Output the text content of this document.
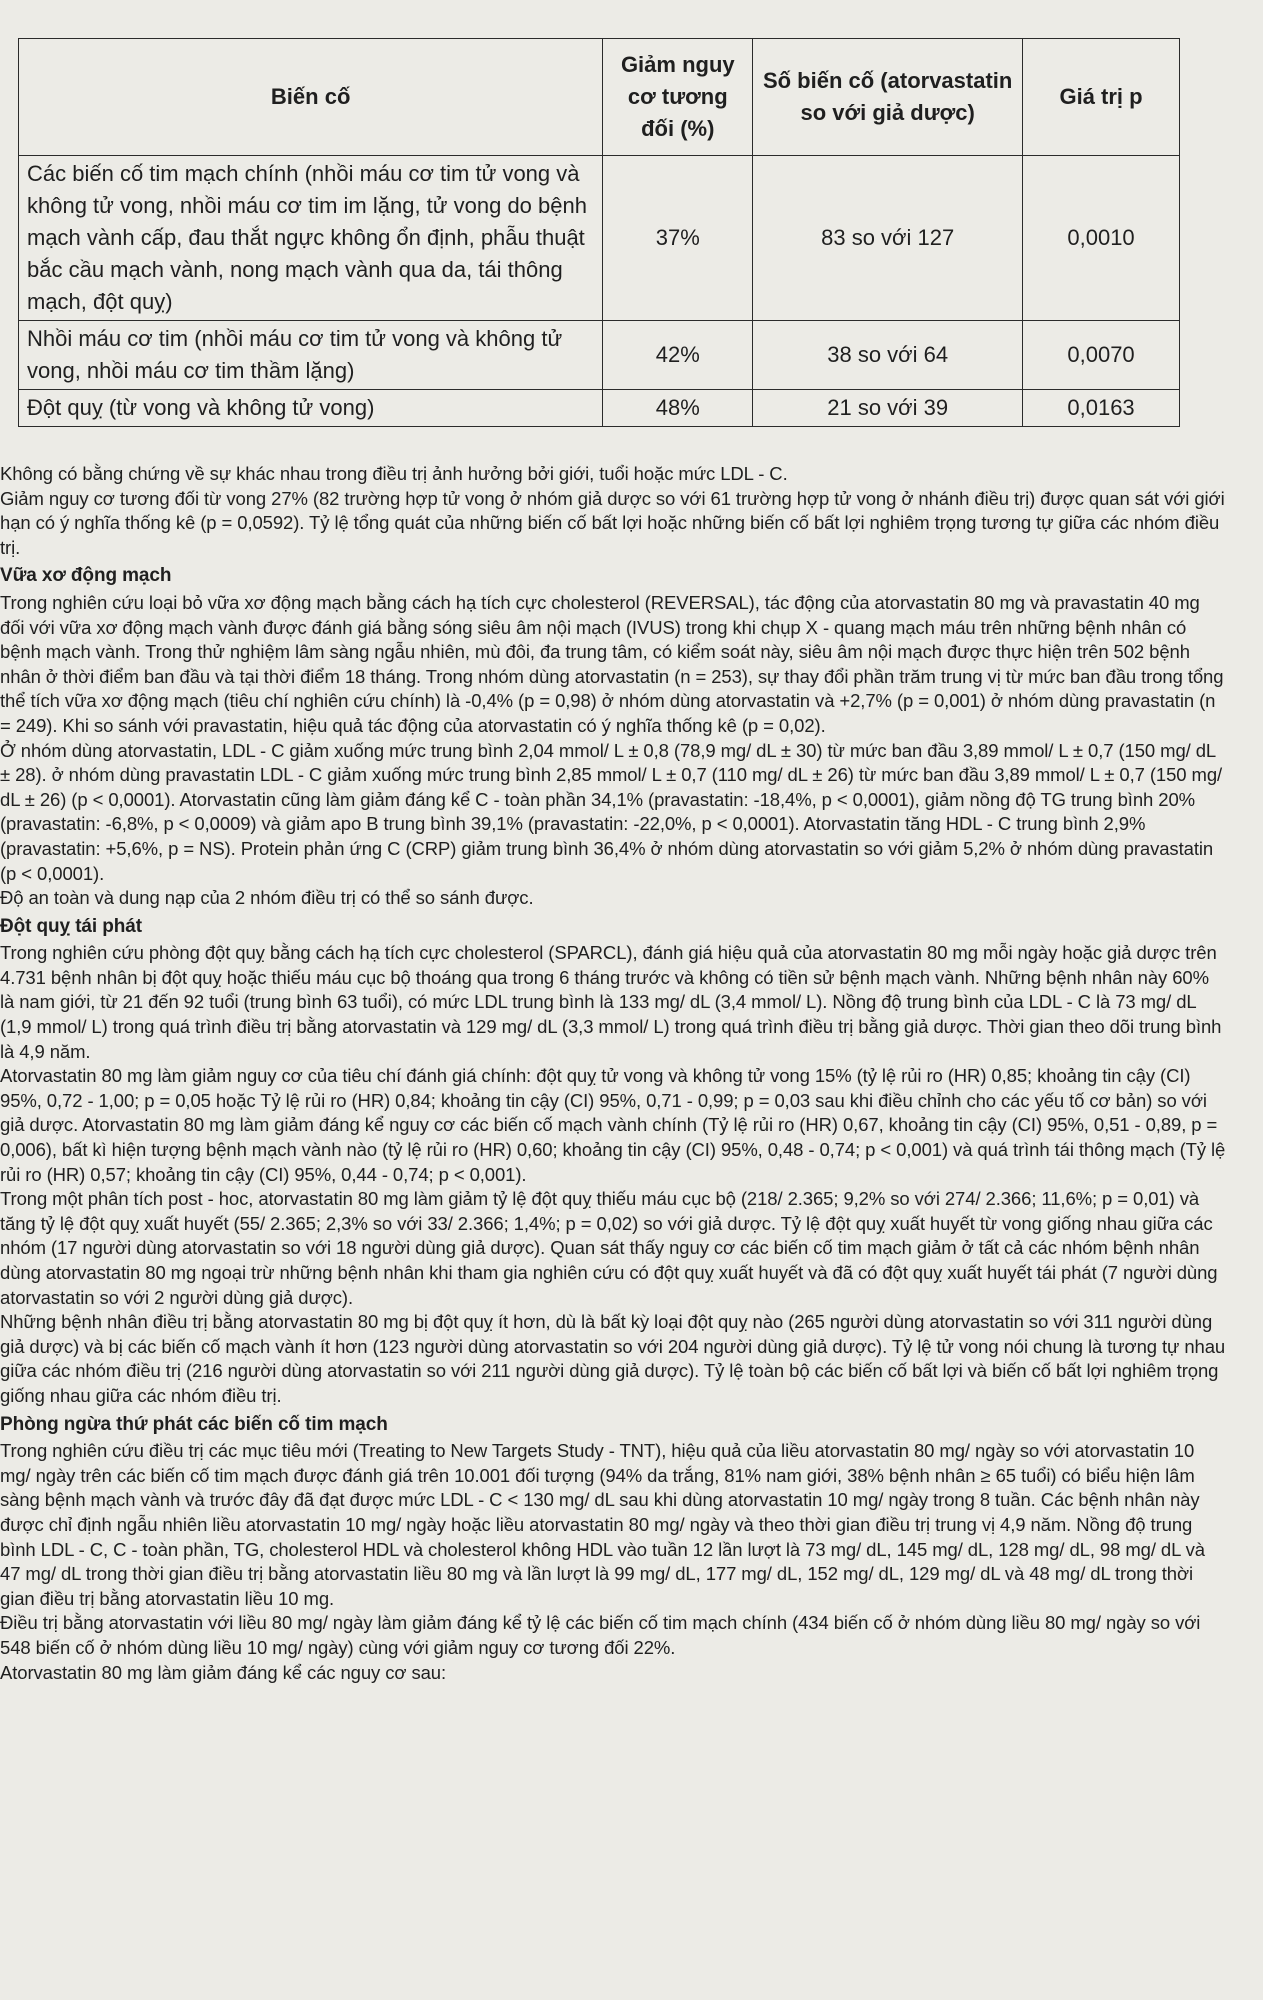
Biến cố	Giảm nguy cơ tương đối (%)	Số biến cố (atorvastatin so với giả dược)	Giá trị p
Các biến cố tim mạch chính (nhồi máu cơ tim tử vong và không tử vong, nhồi máu cơ tim im lặng, tử vong do bệnh mạch vành cấp, đau thắt ngực không ổn định, phẫu thuật bắc cầu mạch vành, nong mạch vành qua da, tái thông mạch, đột quỵ)	37%	83 so với 127	0,0010
Nhồi máu cơ tim (nhồi máu cơ tim tử vong và không tử vong, nhồi máu cơ tim thầm lặng)	42%	38 so với 64	0,0070
Đột quỵ (từ vong và không tử vong)	48%	21 so với 39	0,0163

Không có bằng chứng về sự khác nhau trong điều trị ảnh hưởng bởi giới, tuổi hoặc mức LDL - C.

Giảm nguy cơ tương đối từ vong 27% (82 trường hợp tử vong ở nhóm giả dược so với 61 trường hợp tử vong ở nhánh điều trị) được quan sát với giới hạn có ý nghĩa thống kê (p = 0,0592). Tỷ lệ tổng quát của những biến cố bất lợi hoặc những biến cố bất lợi nghiêm trọng tương tự giữa các nhóm điều trị.

Vữa xơ động mạch

Trong nghiên cứu loại bỏ vữa xơ động mạch bằng cách hạ tích cực cholesterol (REVERSAL), tác động của atorvastatin 80 mg và pravastatin 40 mg đối với vữa xơ động mạch vành được đánh giá bằng sóng siêu âm nội mạch (IVUS) trong khi chụp X - quang mạch máu trên những bệnh nhân có bệnh mạch vành. Trong thử nghiệm lâm sàng ngẫu nhiên, mù đôi, đa trung tâm, có kiểm soát này, siêu âm nội mạch được thực hiện trên 502 bệnh nhân ở thời điểm ban đầu và tại thời điểm 18 tháng. Trong nhóm dùng atorvastatin (n = 253), sự thay đổi phần trăm trung vị từ mức ban đầu trong tổng thể tích vữa xơ động mạch (tiêu chí nghiên cứu chính) là -0,4% (p = 0,98) ở nhóm dùng atorvastatin và +2,7% (p = 0,001) ở nhóm dùng pravastatin (n = 249). Khi so sánh với pravastatin, hiệu quả tác động của atorvastatin có ý nghĩa thống kê (p = 0,02).

Ở nhóm dùng atorvastatin, LDL - C giảm xuống mức trung bình 2,04 mmol/ L ± 0,8 (78,9 mg/ dL ± 30) từ mức ban đầu 3,89 mmol/ L ± 0,7 (150 mg/ dL ± 28). ở nhóm dùng pravastatin LDL - C giảm xuống mức trung bình 2,85 mmol/ L ± 0,7 (110 mg/ dL ± 26) từ mức ban đầu 3,89 mmol/ L ± 0,7 (150 mg/ dL ± 26) (p < 0,0001). Atorvastatin cũng làm giảm đáng kể C - toàn phần 34,1% (pravastatin: -18,4%, p < 0,0001), giảm nồng độ TG trung bình 20% (pravastatin: -6,8%, p < 0,0009) và giảm apo B trung bình 39,1% (pravastatin: -22,0%, p < 0,0001). Atorvastatin tăng HDL - C trung bình 2,9% (pravastatin: +5,6%, p = NS). Protein phản ứng C (CRP) giảm trung bình 36,4% ở nhóm dùng atorvastatin so với giảm 5,2% ở nhóm dùng pravastatin (p < 0,0001).

Độ an toàn và dung nạp của 2 nhóm điều trị có thể so sánh được.

Đột quỵ tái phát

Trong nghiên cứu phòng đột quỵ bằng cách hạ tích cực cholesterol (SPARCL), đánh giá hiệu quả của atorvastatin 80 mg mỗi ngày hoặc giả dược trên 4.731 bệnh nhân bị đột quỵ hoặc thiếu máu cục bộ thoáng qua trong 6 tháng trước và không có tiền sử bệnh mạch vành. Những bệnh nhân này 60% là nam giới, từ 21 đến 92 tuổi (trung bình 63 tuổi), có mức LDL trung bình là 133 mg/ dL (3,4 mmol/ L). Nồng độ trung bình của LDL - C là 73 mg/ dL (1,9 mmol/ L) trong quá trình điều trị bằng atorvastatin và 129 mg/ dL (3,3 mmol/ L) trong quá trình điều trị bằng giả dược. Thời gian theo dõi trung bình là 4,9 năm.

Atorvastatin 80 mg làm giảm nguy cơ của tiêu chí đánh giá chính: đột quỵ tử vong và không tử vong 15% (tỷ lệ rủi ro (HR) 0,85; khoảng tin cậy (CI) 95%, 0,72 - 1,00; p = 0,05 hoặc Tỷ lệ rủi ro (HR) 0,84; khoảng tin cậy (CI) 95%, 0,71 - 0,99; p = 0,03 sau khi điều chỉnh cho các yếu tố cơ bản) so với giả dược. Atorvastatin 80 mg làm giảm đáng kể nguy cơ các biến cố mạch vành chính (Tỷ lệ rủi ro (HR) 0,67, khoảng tin cậy (CI) 95%, 0,51 - 0,89, p = 0,006), bất kì hiện tượng bệnh mạch vành nào (tỷ lệ rủi ro (HR) 0,60; khoảng tin cậy (CI) 95%, 0,48 - 0,74; p < 0,001) và quá trình tái thông mạch (Tỷ lệ rủi ro (HR) 0,57; khoảng tin cậy (CI) 95%, 0,44 - 0,74; p < 0,001).

Trong một phân tích post - hoc, atorvastatin 80 mg làm giảm tỷ lệ đột quỵ thiếu máu cục bộ (218/ 2.365; 9,2% so với 274/ 2.366; 11,6%; p = 0,01) và tăng tỷ lệ đột quỵ xuất huyết (55/ 2.365; 2,3% so với 33/ 2.366; 1,4%; p = 0,02) so với giả dược. Tỷ lệ đột quỵ xuất huyết từ vong giống nhau giữa các nhóm (17 người dùng atorvastatin so với 18 người dùng giả dược). Quan sát thấy nguy cơ các biến cố tim mạch giảm ở tất cả các nhóm bệnh nhân dùng atorvastatin 80 mg ngoại trừ những bệnh nhân khi tham gia nghiên cứu có đột quỵ xuất huyết và đã có đột quỵ xuất huyết tái phát (7 người dùng atorvastatin so với 2 người dùng giả dược).

Những bệnh nhân điều trị bằng atorvastatin 80 mg bị đột quỵ ít hơn, dù là bất kỳ loại đột quỵ nào (265 người dùng atorvastatin so với 311 người dùng giả dược) và bị các biến cố mạch vành ít hơn (123 người dùng atorvastatin so với 204 người dùng giả dược). Tỷ lệ tử vong nói chung là tương tự nhau giữa các nhóm điều trị (216 người dùng atorvastatin so với 211 người dùng giả dược). Tỷ lệ toàn bộ các biến cố bất lợi và biến cố bất lợi nghiêm trọng giống nhau giữa các nhóm điều trị.

Phòng ngừa thứ phát các biến cố tim mạch

Trong nghiên cứu điều trị các mục tiêu mới (Treating to New Targets Study - TNT), hiệu quả của liều atorvastatin 80 mg/ ngày so với atorvastatin 10 mg/ ngày trên các biến cố tim mạch được đánh giá trên 10.001 đối tượng (94% da trắng, 81% nam giới, 38% bệnh nhân ≥ 65 tuổi) có biểu hiện lâm sàng bệnh mạch vành và trước đây đã đạt được mức LDL - C < 130 mg/ dL sau khi dùng atorvastatin 10 mg/ ngày trong 8 tuần. Các bệnh nhân này được chỉ định ngẫu nhiên liều atorvastatin 10 mg/ ngày hoặc liều atorvastatin 80 mg/ ngày và theo thời gian điều trị trung vị 4,9 năm. Nồng độ trung bình LDL - C, C - toàn phần, TG, cholesterol HDL và cholesterol không HDL vào tuần 12 lần lượt là 73 mg/ dL, 145 mg/ dL, 128 mg/ dL, 98 mg/ dL và 47 mg/ dL trong thời gian điều trị bằng atorvastatin liều 80 mg và lần lượt là 99 mg/ dL, 177 mg/ dL, 152 mg/ dL, 129 mg/ dL và 48 mg/ dL trong thời gian điều trị bằng atorvastatin liều 10 mg.

Điều trị bằng atorvastatin với liều 80 mg/ ngày làm giảm đáng kể tỷ lệ các biến cố tim mạch chính (434 biến cố ở nhóm dùng liều 80 mg/ ngày so với 548 biến cố ở nhóm dùng liều 10 mg/ ngày) cùng với giảm nguy cơ tương đối 22%.

Atorvastatin 80 mg làm giảm đáng kể các nguy cơ sau:
